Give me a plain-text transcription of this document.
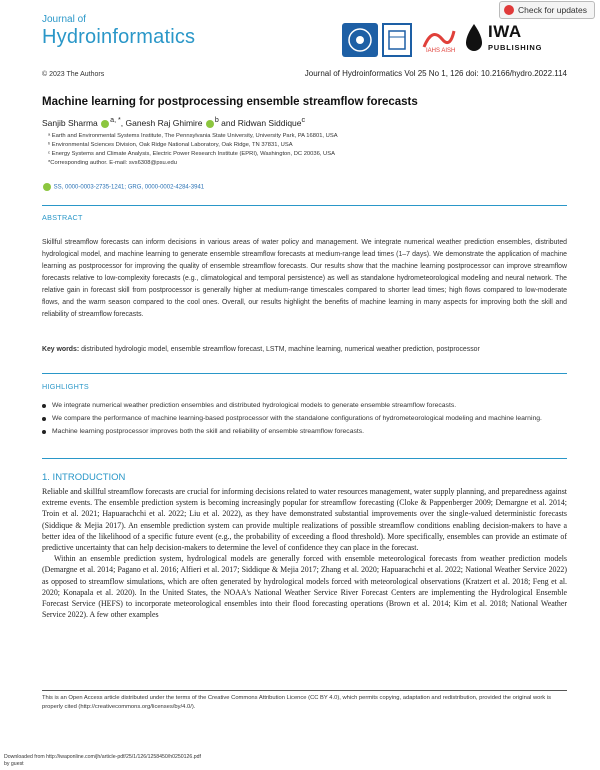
Journal of
Hydroinformatics
Check for updates
IAHS AISH
IWA
PUBLISHING
© 2023 The Authors	Journal of Hydroinformatics Vol 25 No 1, 126 doi: 10.2166/hydro.2022.114
Machine learning for postprocessing ensemble streamflow forecasts
Sanjib Sharma $^{a, *}$, Ganesh Raj Ghimire $^b$ and Ridwan Siddique$^c$
ᵃ Earth and Environmental Systems Institute, The Pennsylvania State University, University Park, PA 16801, USA
ᵇ Environmental Sciences Division, Oak Ridge National Laboratory, Oak Ridge, TN 37831, USA
ᶜ Energy Systems and Climate Analysis, Electric Power Research Institute (EPRI), Washington, DC 20036, USA
*Corresponding author. E-mail: svs6308@psu.edu
SS, 0000-0003-2735-1241; GRG, 0000-0002-4284-3941
ABSTRACT
Skillful streamflow forecasts can inform decisions in various areas of water policy and management. We integrate numerical weather prediction ensembles, distributed hydrological model, and machine learning to generate ensemble streamflow forecasts at medium-range lead times (1–7 days). We demonstrate the application of machine learning as postprocessor for improving the quality of ensemble streamflow forecasts. Our results show that the machine learning postprocessor can improve streamflow forecasts relative to low-complexity forecasts (e.g., climatological and temporal persistence) as well as standalone hydrometeorological modeling and neural network. The relative gain in forecast skill from postprocessor is generally higher at medium-range timescales compared to shorter lead times; high flows compared to low-moderate flows, and the warm season compared to the cool ones. Overall, our results highlight the benefits of machine learning in many aspects for improving both the skill and reliability of streamflow forecasts.
Key words: distributed hydrologic model, ensemble streamflow forecast, LSTM, machine learning, numerical weather prediction, postprocessor
HIGHLIGHTS
We integrate numerical weather prediction ensembles and distributed hydrological models to generate ensemble streamflow forecasts.
We compare the performance of machine learning-based postprocessor with the standalone configurations of hydrometeorological modeling and machine learning.
Machine learning postprocessor improves both the skill and reliability of ensemble streamflow forecasts.
1. INTRODUCTION

Reliable and skillful streamflow forecasts are crucial for informing decisions related to water resources management, water supply planning, and preparedness against extreme events. The ensemble prediction system is becoming increasingly popular for streamflow forecasting (Cloke & Pappenberger 2009; Demargne et al. 2014; Troin et al. 2021; Hapuarachchi et al. 2022; Liu et al. 2022), as they have demonstrated substantial improvements over the single-valued deterministic forecasts (Siddique & Mejia 2017). An ensemble prediction system can provide multiple realizations of possible streamflow conditions enabling decision-makers to have a better idea of the likelihood of a specific future event (e.g., the probability of exceeding a flood threshold). More specifically, ensembles can provide an estimate of predictive uncertainty that can help decision-makers to determine the level of confidence they can place in the forecast.

Within an ensemble prediction system, hydrological models are generally forced with ensemble meteorological forecasts from weather prediction models (Demargne et al. 2014; Pagano et al. 2016; Alfieri et al. 2017; Siddique & Mejia 2017; Zhang et al. 2020; Hapuarachchi et al. 2022; National Weather Service 2022) as opposed to streamflow simulations, which are often generated by hydrological models forced with meteorological observations (Kratzert et al. 2018; Feng et al. 2020; Konapala et al. 2020). In the United States, the NOAA's National Weather Service River Forecast Centers are implementing the Hydrological Ensemble Forecast Service (HEFS) to incorporate meteorological ensembles into their flood forecasting operations (Brown et al. 2014; Kim et al. 2018; National Weather Service 2022). A few other examples

This is an Open Access article distributed under the terms of the Creative Commons Attribution Licence (CC BY 4.0), which permits copying, adaptation and redistribution, provided the original work is properly cited (http://creativecommons.org/licenses/by/4.0/).
Downloaded from http://iwaponline.com/jh/article-pdf/25/1/126/1258450/h0250126.pdf
by guest
